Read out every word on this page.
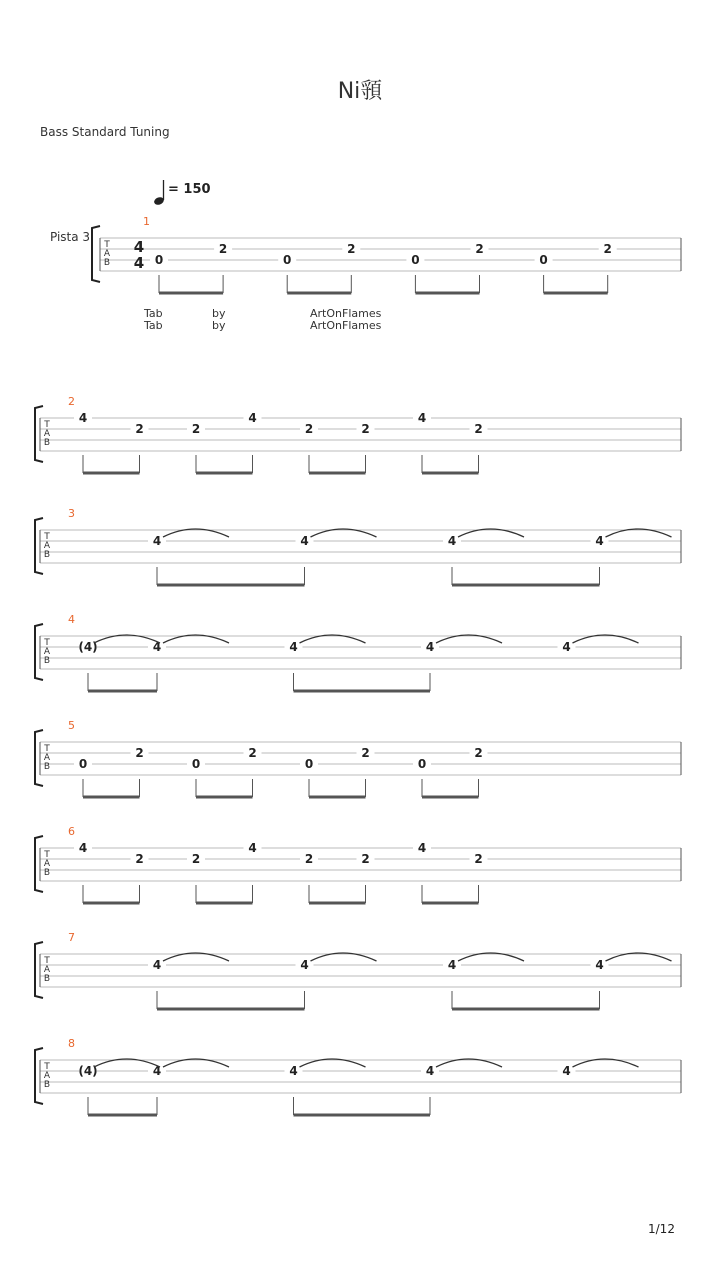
Ni頱
Bass Standard Tuning
1/12
= 150
Pista 3
T
A
B
4
4
1
0
2
0
2
0
2
0
2
T
A
B
2
4
2	2
4
2	2
4
2
T
A
B
3
4	4	4	4
T
A
B
4
(4)	4	4	4	4
T
A
B
5
0
2
0
2
0
2
0
2
T
A
B
6
4
2	2
4
2	2
4
2
T
A
B
7
4	4	4	4
T
A
B
8
(4)	4	4	4	4
Tab	by	ArtOnFlames
Tab	by	ArtOnFlames
